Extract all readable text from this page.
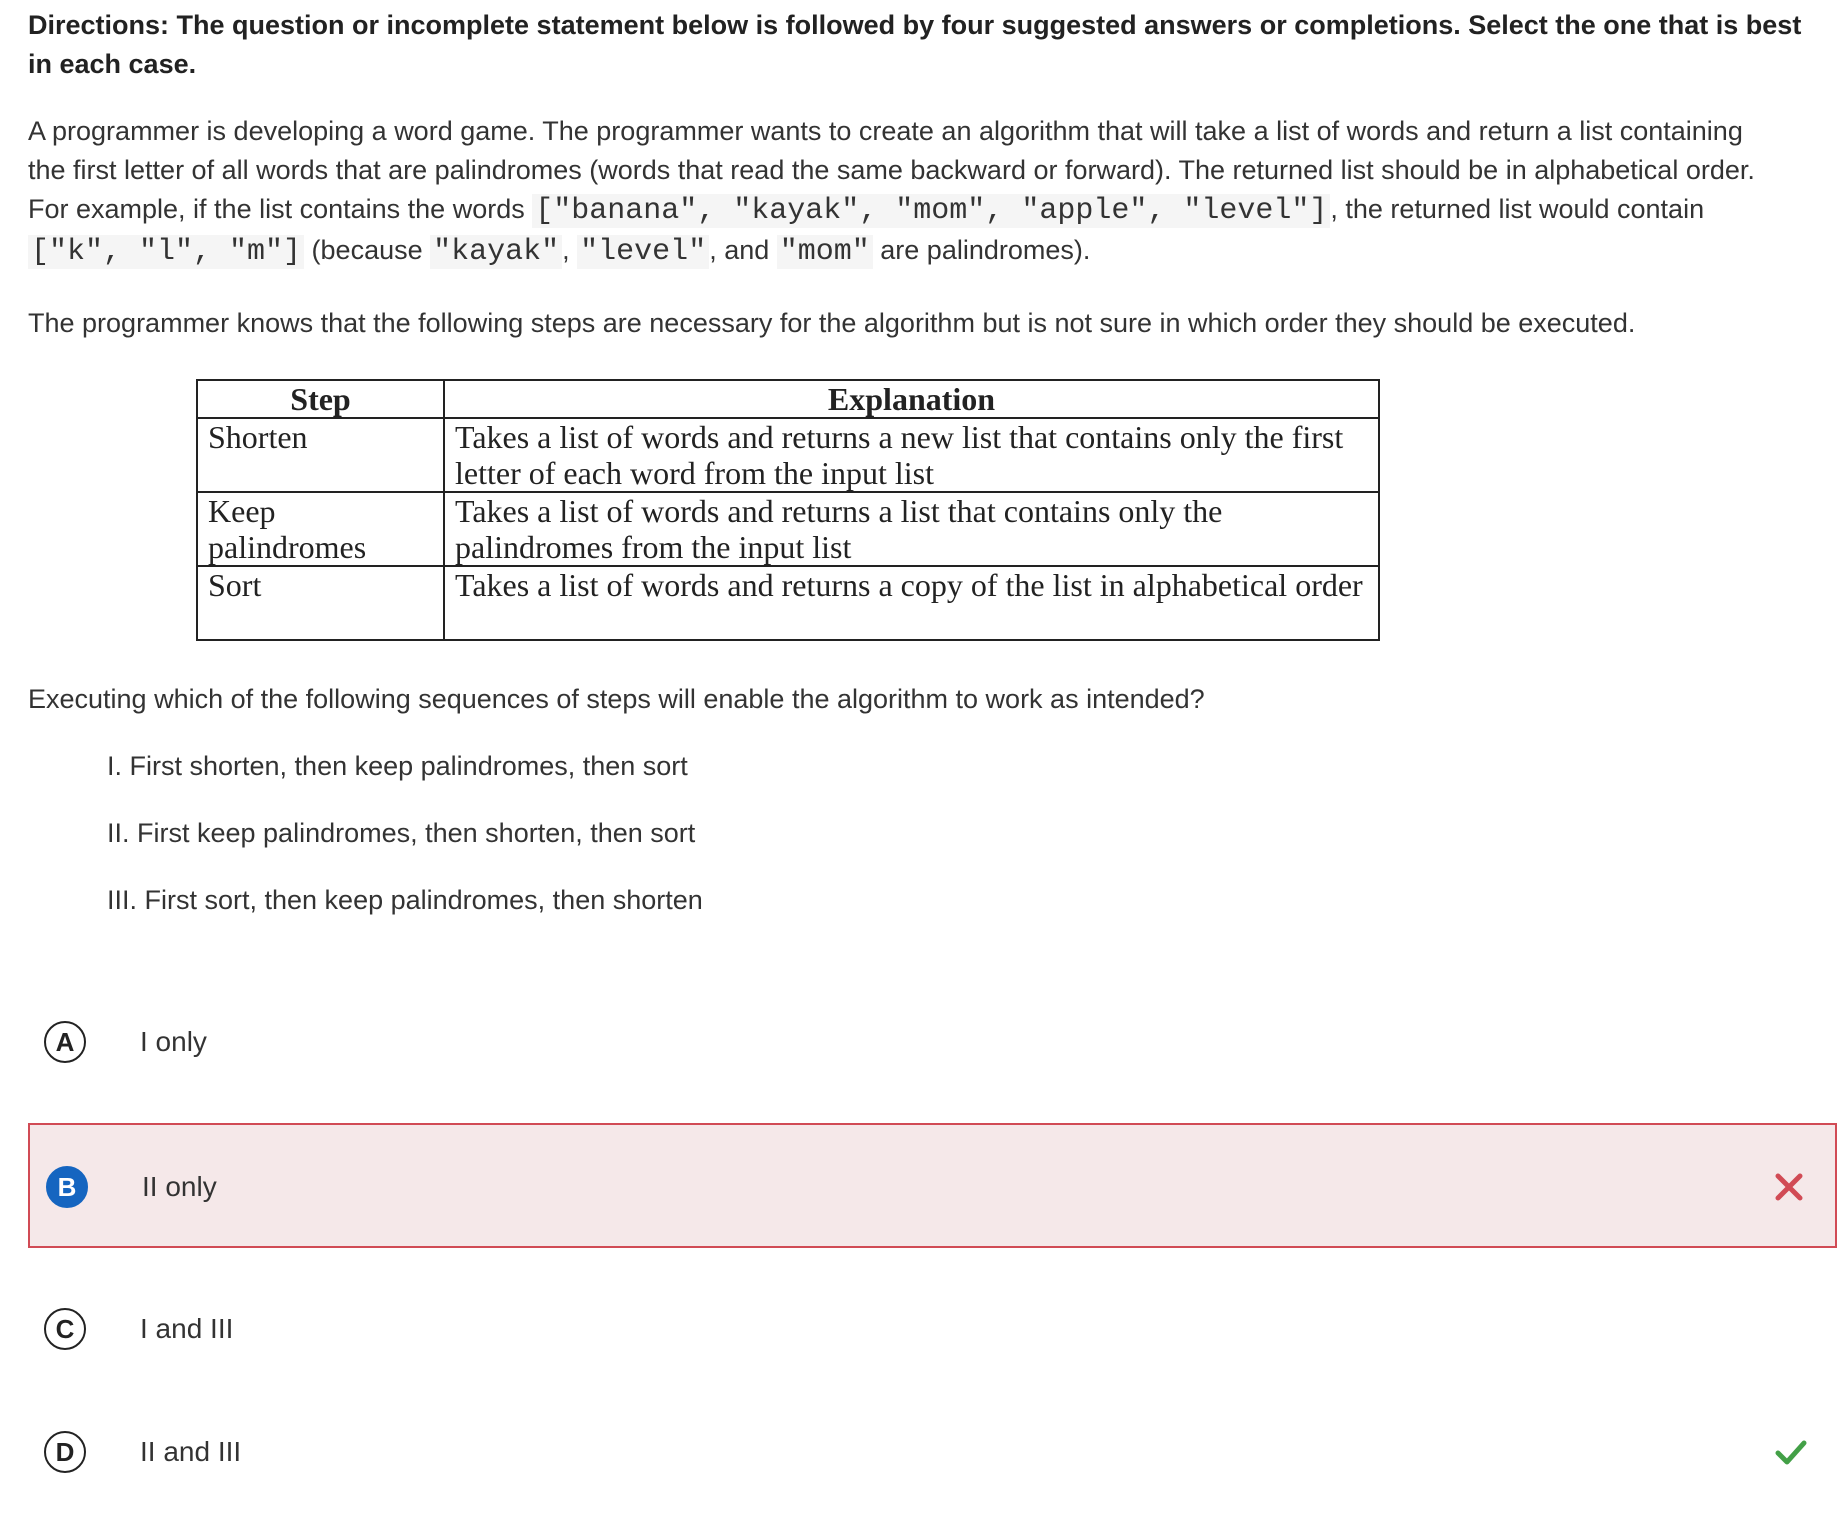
Directions: The question or incomplete statement below is followed by four suggested answers or completions. Select the one that is best in each case.
A programmer is developing a word game. The programmer wants to create an algorithm that will take a list of words and return a list containing
the first letter of all words that are palindromes (words that read the same backward or forward). The returned list should be in alphabetical order.
For example, if the list contains the words ["banana", "kayak", "mom", "apple", "level"] , the returned list would contain
["k", "l", "m"] (because "kayak" , "level" , and "mom" are palindromes).
The programmer knows that the following steps are necessary for the algorithm but is not sure in which order they should be executed.
Step	Explanation
Shorten	Takes a list of words and returns a new list that contains only the first letter of each word from the input list
Keep palindromes	Takes a list of words and returns a list that contains only the palindromes from the input list
Sort	Takes a list of words and returns a copy of the list in alphabetical order
Executing which of the following sequences of steps will enable the algorithm to work as intended?
I. First shorten, then keep palindromes, then sort
II. First keep palindromes, then shorten, then sort
III. First sort, then keep palindromes, then shorten
A	I only
B	II only
C	I and III
D	II and III
